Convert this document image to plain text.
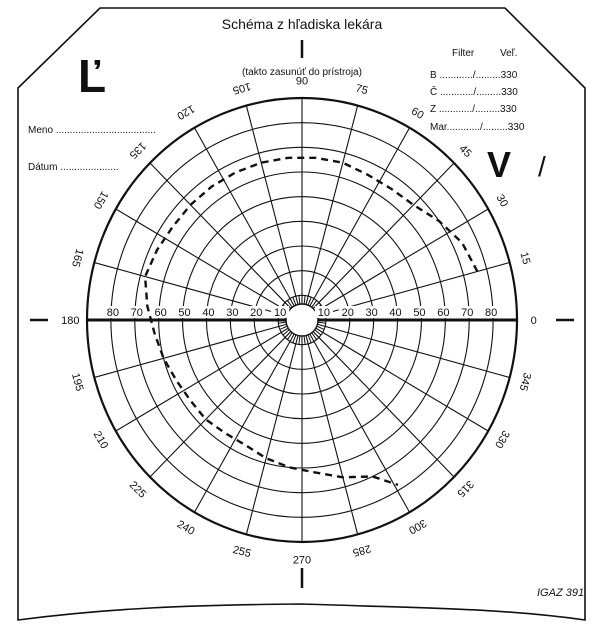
Schéma z hľadiska lekára
(takto zasunúť do prístroja)
Ľ
V /
Meno ....................................
Dátum .....................
Filter	Veľ.
B ............/.........330
Č ............/.........330
Z ............/.........330
Mar............/.........330
10	10
20	20
30	30
40	40
50	50
60	60
70	70
80	80
0
15
30
45
60
75
90
105
120
135
150
165
180
195
210
225
240
255
270
285
300
315
330
345
IGAZ 391
